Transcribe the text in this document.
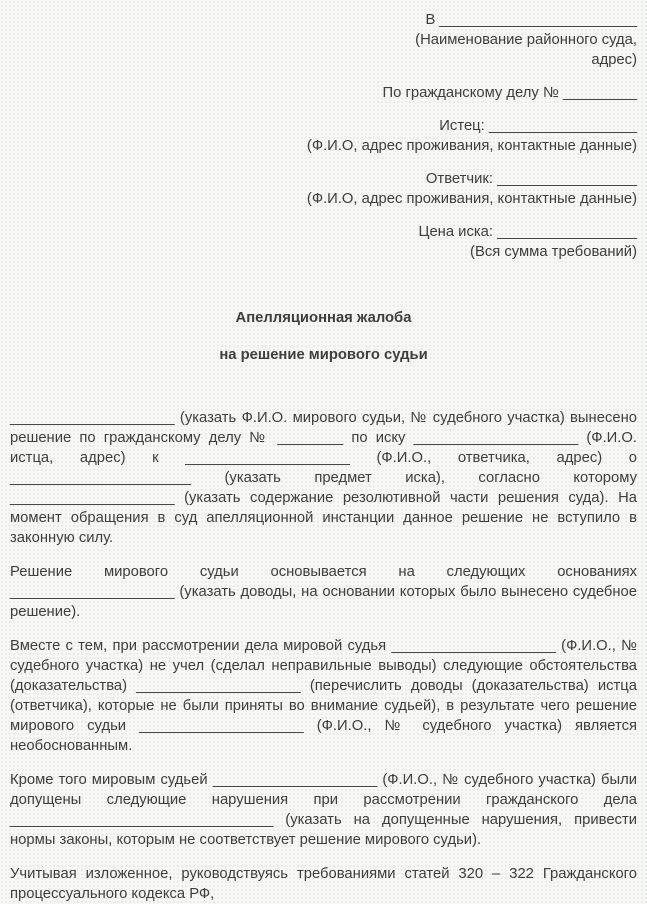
В ________________________
(Наименование районного суда,
адрес)
По гражданскому делу № _________
Истец: __________________
(Ф.И.О, адрес проживания, контактные данные)
Ответчик: _________________
(Ф.И.О, адрес проживания, контактные данные)
Цена иска: _________________
(Вся сумма требований)
Апелляционная жалоба
на решение мирового судьи

____________________ (указать Ф.И.О. мирового судьи, № судебного участка) вынесено решение по гражданскому делу № ________ по иску ____________________ (Ф.И.О. истца, адрес) к ____________________ (Ф.И.О., ответчика, адрес) о ______________________ (указать предмет иска), согласно которому ____________________ (указать содержание резолютивной части решения суда). На момент обращения в суд апелляционной инстанции данное решение не вступило в законную силу.

Решение мирового судьи основывается на следующих основаниях ____________________ (указать доводы, на основании которых было вынесено судебное решение).

Вместе с тем, при рассмотрении дела мировой судья ____________________ (Ф.И.О., № судебного участка) не учел (сделал неправильные выводы) следующие обстоятельства (доказательства) ____________________ (перечислить доводы (доказательства) истца (ответчика), которые не были приняты во внимание судьей), в результате чего решение мирового судьи ____________________ (Ф.И.О., № судебного участка) является необоснованным.

Кроме того мировым судьей ____________________ (Ф.И.О., № судебного участка) были допущены следующие нарушения при рассмотрении гражданского дела ________________________________ (указать на допущенные нарушения, привести нормы законы, которым не соответствует решение мирового судьи).

Учитывая изложенное, руководствуясь требованиями статей 320 – 322 Гражданского процессуального кодекса РФ,
